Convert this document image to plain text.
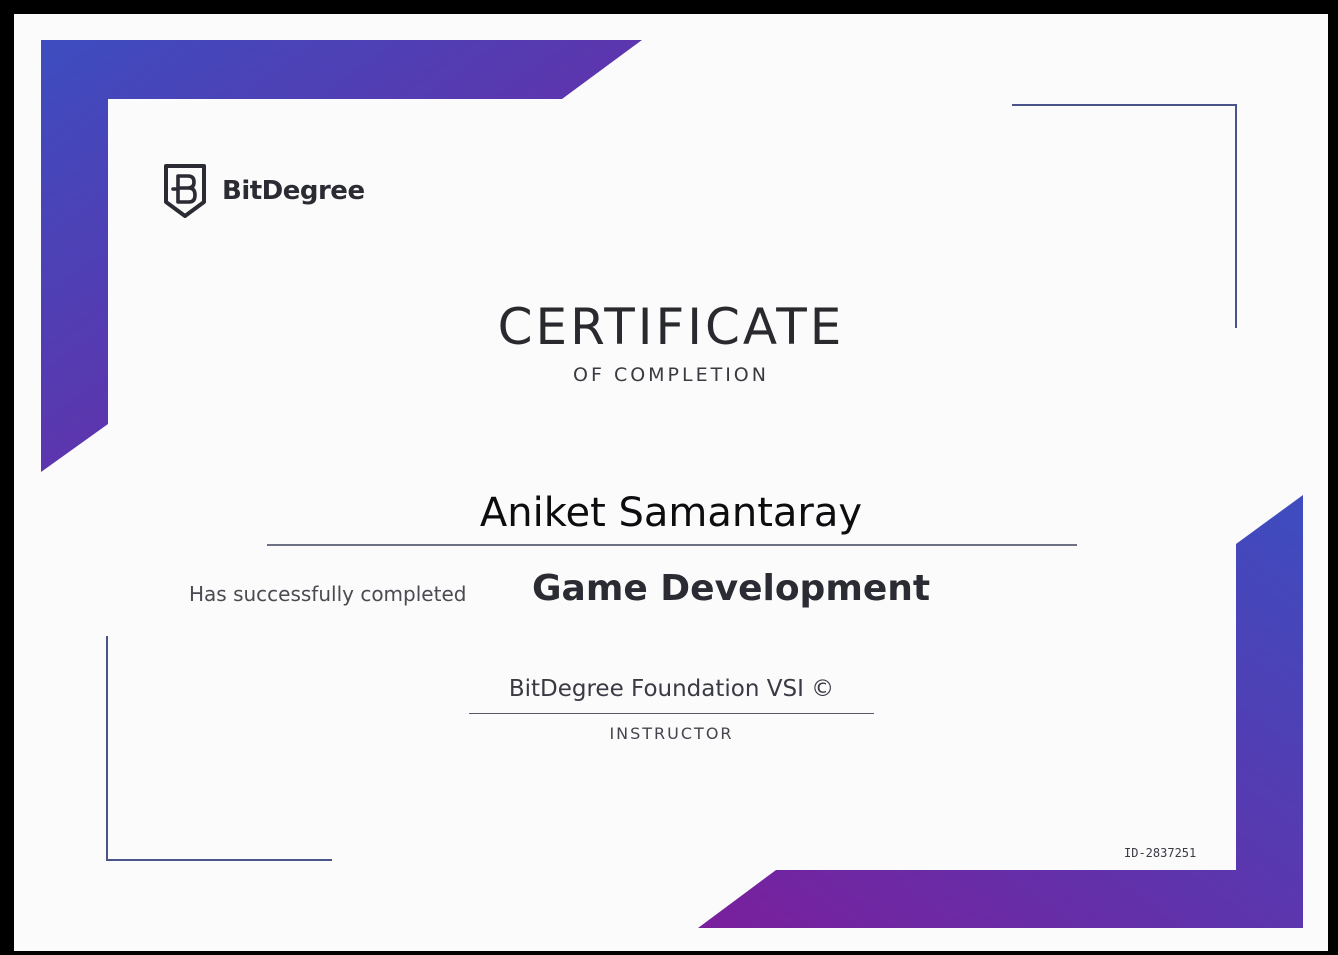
BitDegree
CERTIFICATE
OF COMPLETION
Aniket Samantaray
Has successfully completed Game Development
BitDegree Foundation VSI ©
INSTRUCTOR
ID-2837251
